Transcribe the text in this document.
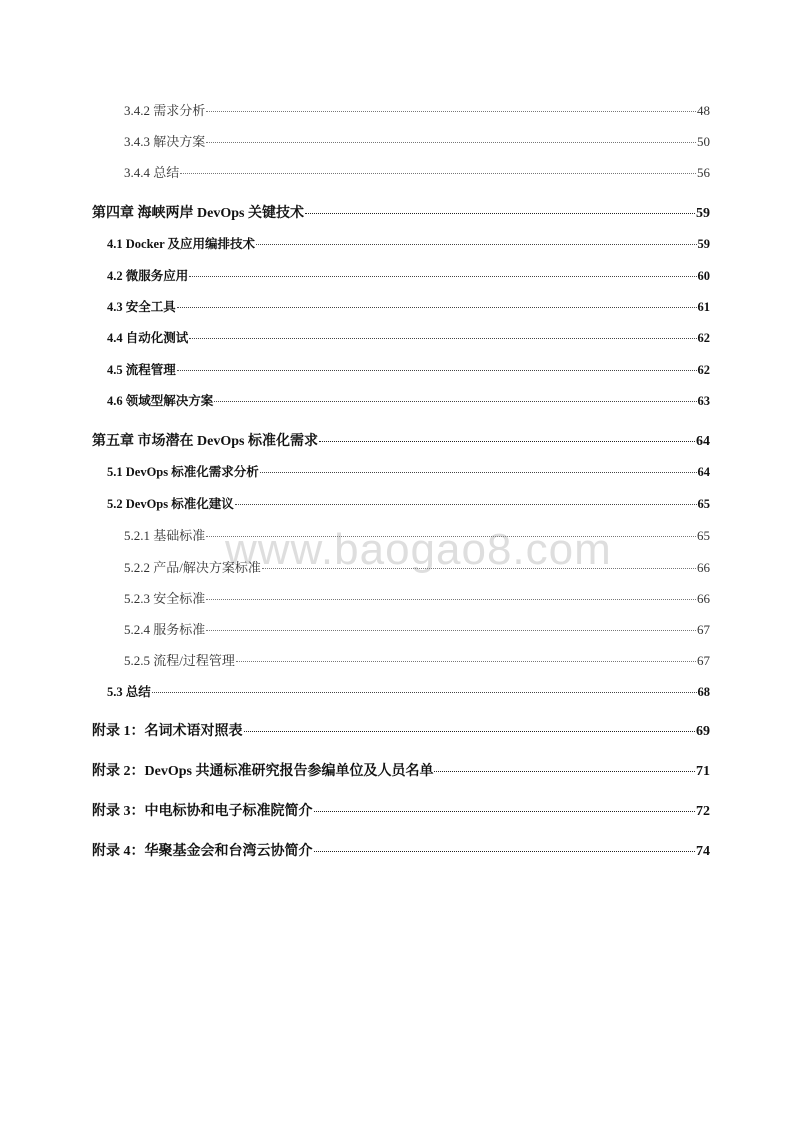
www.baogao8.com
3.4.2 需求分析	48
3.4.3 解决方案	50
3.4.4 总结	56
第四章 海峡两岸 DevOps 关键技术	59
4.1 Docker 及应用编排技术	59
4.2 微服务应用	60
4.3 安全工具	61
4.4 自动化测试	62
4.5 流程管理	62
4.6 领域型解决方案	63
第五章 市场潜在 DevOps 标准化需求	64
5.1 DevOps 标准化需求分析	64
5.2 DevOps 标准化建议	65
5.2.1 基础标准	65
5.2.2 产品/解决方案标准	66
5.2.3 安全标准	66
5.2.4 服务标准	67
5.2.5 流程/过程管理	67
5.3 总结	68
附录 1：名词术语对照表	69
附录 2：DevOps 共通标准研究报告参编单位及人员名单	71
附录 3：中电标协和电子标准院简介	72
附录 4：华聚基金会和台湾云协简介	74
